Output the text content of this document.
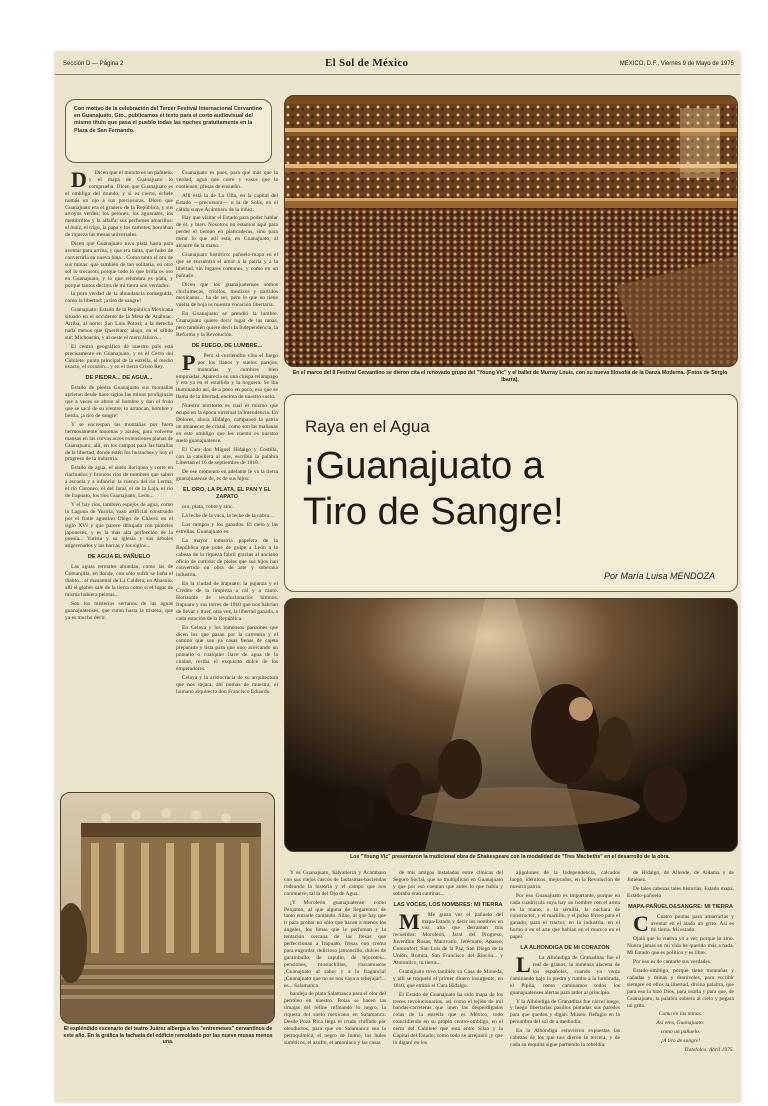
Sección D — Página 2	El Sol de México	MEXICO, D.F., Viernes 9 de Mayo de 1975

Con motivo de la celebración del Tercer Festival Internacional Cervantino en Guanajuato, Gto., publicamos el texto para el corto audiovisual del mismo título que pasa el pueblo todas las noches gratuitamente en la Plaza de San Fernando.

En el marco del II Festival Cervantino se dieron cita el renovado grupo del "Young Vic" y el ballet de Murray Louis, con su nueva filosofía de la Danza Moderna. (Fotos de Sergio Ibarra).
Raya en el Agua
¡Guanajuato a
Tiro de Sangre!
Por María Luisa MENDOZA
Los "Young Vic" presentaron la tradicional obra de Shakespeare con la modalidad de "Tres Macbeths" en el desarrollo de la obra.
El espléndido escenario del teatro Juárez alberga a los "entremeses" cervantinos de este año. En la gráfica la fachada del edificio remoldado por las nueve musas menos una.

D Dicen que el mundo es un pañuelo, y el mapa de Guanajuato lo comprueba. Dicen que Guanajuato es el ombligo del mundo, y si es cierto, échele nomás un ojo a sus preciosuras. Dicen que Guanajuato era el granero de la República, y sus arroyos verdes: los perones, los aguacates, los membrillos y la alfalfa; sus perfumes amarillos: el maíz, el trigo, la papa y los camotes, honraban de riqueza las mesas universales.

Dicen que Guanajuato tuvo plata hasta para aventar para arriba, y que era tanta, que hubo de convertirla en nueva luna... Como tanto el oro de sus minas: que también de tan solitaria, en otro sol lo trocaron; porque todo lo que brilla es oro en Guanajuato, y lo que relumbra es plata, y porque tantos decires de mi tierra son verdades:

la pura verdad de la abundancia conseguida, como la libertad: ¡a tiro de sangre!

Guanajuato: Estado de la República Mexicana situado en el occidente de la Mesa de Anáhuac. Arriba, al norte: San Luis Potosí; a la derecha nada menos que Querétaro; abajo, en el sálido sur: Michoacán, y al oeste el mero Jalisco...

El centro geográfico de nuestro país está precisamente en Guanajuato, y es el Cerro del Cubilete: punto principal de la estrella, el medio exacto, el corazón... y en el tierra Cristo Rey.

DE PIEDRA... DE AGUA...

Estado de piedra Guanajuato sus montañas aprietan desde hace siglos las minas prodigiosas que a veces se abren al hombre y dan el fruto que se sacó de su vientre; lo arrancan, hombre y bestia, ¡a tiro de sangre!

Y se encrespan las montañas por fuera hermosamente morenas y azules, para volverse mansas en las curvas acres extensiones planas de Guanajuato, allí, en los campos para las batallas de la libertad, donde estén los huizaches y hoy el progreso de la industria.

Estado de agua, el suelo lloriquea y corre en riachuelos y broncos ríos de nombres que saben a escuela y a infancia: la cuenca del río Lerma, el río Coroneo, el del Jaral, el de la Laja, el río de Irapuato, los ríos Guanajuato, León...

Y el hay ríos, también espejos de agua, como la Laguna de Yuriria, vaso artificial construido por el fraile agustino Diego de Chávez en el siglo XVI y que parece dibujada con pinceles japoneses, y es la más alta perfección de la poesía... Yuriria y su iglesia y sus árboles atigerenados y las barcas y los siglos...

DE AGUA EL PAÑUELO

Las aguas termales abundan, como las de Comanjilla, en donde, con sólo sufrir se baña el diablo... el manantial de La Caldera, en Abasolo, allí el glober sale de la tierra como si el lugar de misma hubiera pelotas...

Son los misterios serranos de las aguas guanajuatenses, que curan hasta la tristeza, que ya es mucho decir.

Guanajuato es pues, para qué más que la verdad, agua que corre y vasos que la contienen, presas de ensueño.

Allí está la de La Olla, en la capital del Estado —precursora— o la de Solís, en el cálido suave Acámbaro de la niñez.

Hay que visitar el Estado para poder hablar de él, y bien. Nosotros no estamos aquí para perder el tiempo en platicaderas, sino para mirar lo que allí está, en Guanajuato, al alcance de la mano.

Guanajuato histórico: pañuelo-mapa en el que se encuentra el amor a la patria y a la libertad, sin lugares comunes, y como en un pañuelo.

Dicen que los guanajuatenses somos chichimecas, criollos, mestizos y partidos mexicanos... ha de ser, pero lo que no tiene vuelta de hoja es nuestra vocación libertaria.

En Guanajuato se prendió la lumbre. Guanajuato quiere decir lugar de las ranas, pero también quiere decir la Independencia, la Reforma y la Revolución.

DE FUEGO, DE LUMBRE...

P Pero si corriendito vino el fuego por los llanos y suelos parejos, montañas y cumbres bien empinadas. Aparecía en una chispa relámpago y era ya en el estallido y la hoguera. Se iba iluminando así, de a poco en poco, eso que se llama de la libertad, encima de nuestro suelo.

Nuestro territorio es cual el mismo que ocupó en la época virreinal la Intendencia. En Dolores, ahora Hidalgo, campaneó la patria un amanecer de cristal, como son las mañanas en este ombligo que les cuento es nuestro suelo guanajuatense.

El Cura don Miguel Hidalgo y Costilla, con la cabellera al aire, escribió la palabra Libertad el 16 de septiembre de 1810.

De ese momento en adelante le va la tierra guanajuatense de, es de sus hijos:

EL ORO, LA PLATA, EL PAN Y EL ZAPATO

oro, plata, cobre y zinc.

La leche de la vaca, la leche de la cabra...

Los campos y los ganados. El cielo y las estrellas. Guanajuato es:

La mayor industria papelera de la República que pone de golpe a León a la cabeza de la riqueza fabril gracias al anciano oficio de curtidor de pieles que sus hijos han convertido en obra de arte y soberana industria.

En la ciudad de Irapuato: la pujanza y el Crédito de la limpieza a cal y a canto. Horizonte de revolucionarios himnos. Irapuato y sus torres de 1910 que nos habrían de llevar y traer, otra vez, la libertad ganada, a cada estación de la República.

En Celaya y los inmensos panzones que dicen los que pasan por la carretera y el camino que son ya casas llenas de cajeta preparada y lista para que uno, acercando un ponuelo o cualquier llave de agua de la ciudad, reciba el exquisito dulce de los emperadores.

Celaya y la aristocracia de su arquitectura que nos dejara, ahí nomás de muestra, el humano arquitecto don Francisco Eduardo

Y es Guanajuato, Salvatierra y Acámbaro con sus viejos cascos de fantasmas-haciendas rodeando la historia y el campo que nos conmueve, tal la del Ojo de Agua.

¡Y Moroleón guanajuatense: como Pénjamo, al que alguna de llegaremos de tanto entrarle cantando. Silao, al que hay que ir para probar no sólo que hacen a menos los ángeles, los limas que le perfuman y la tentación cercana de las fresas que perfeccionan a Irapuato, fresas con crema para engordar, delicioso jamoncillo, dulces de garambullo, de capulín, de tejocotes... pensiones, mostachillas, charamuscas ¡Guanajuato al sabor y a la fragancia! ¡Guanajuato que no se nos vaya a rebejujar!... es... Salamanca.

bandeja de plata Salamanca para el olor del petróleo en nuestro. Bolas se hacen las timajas del refine refinando lo negro, la riqueza del suelo mexicano en Salamanca. Desde Poza Rica llega el crudo chiflado por oleoductos, para que en Salamanca sea la petroquímica, el negro de humo, los hules sintéticos, el azufre, el amoníaco y las casas

de mis amigos instaladas entre clínicas del Seguro Social, que se multiplican en Guanajuato y que por eso cuentan que antes lo que había y sobraba eran cantinas...

LAS VOCES, LOS NOMBRES: MI TIERRA

M Me gusta ver el pañuelo del mapa-Estado y decir los nombres en voz alta que derraman mis recuerdos: Moroleón, Jaral del Progreso, Juventino Rosas, Maravatío, Jerécuaro, Apaseo, Comonfort, San Luis de la Paz, San Diego de la Unión, Romita, San Francisco del Rincón... y Atotonilco, tu tierra...

Guanajuato tuvo también su Casa de Moneda, y allí se troqueló el primer dinero insurgente, en 1810, que emitió el Cura Hidalgo.

El Estado de Guanajuato ha sido mapa de los treces revolucionarios, así como el tejido de mil bandas-carreteras que unen las desperdigadas colas de la estrella que es México, todo coincidiendo en su propio centro-ombligo, en el cerro del Cubilete que está entre Silao y la Capital del Estado; como todo se arrejuntó ¡y que lo digan! en los

ajigolones de la Independencia, calcados luego, idénticos, mejorados, en la Revolución de nuestra patria.

Por eso Guanajuato es importante, porque en cada cuadrícula suya hay un hombre con el arma en la mano, o la semilla, la cuchara de constructor, y el martillo, y el pulso férreo para el ganado, para el tractor, en la industria, en el horno o en el arte que hablan en el muro o en el papel.

LA ALHONDIGA DE MI CORAZON

L La Alhóndiga de Granaditas fue el real de granos, la inmensa alacena de los españoles, cuando ya venía caminando bajo la piedra y rumbo a la lumbrada, el Pípila, como caminamos todos los guanajuatenses alertas para arder al principio.

Y la Alhóndiga de Granaditas fue cárcel luego, y luego libertarias pasillos pintadas sus paredes para que queden y digan: Museo. Refugio en la penumbra del sol de a mediodía.

En la Alhóndiga estuvieron expuestas las cabezas de los que nos dieron la tercera, y de cada su esquina sigue partiendo la rebeldía:

de Hidalgo, de Allende, de Aldama y de Jiménez.

De tales cabezas tales historias. Estado mapa. Estado-pañuelo

MAPA-PAÑUELO&SANGRE: MI TIERRA

C Cuatro puntas para amarrarlas y aventar en el atado un grito. Así es mi tierra. Mi estado.

Ojalá que lo vuelva yo a ver, porque lo amo. Nunca jamás en mi vida he querido más a nada. Mi Estado que es político y es libre.

Por eso es de cantarle sus verdades.

Estado-ombligo, porque tiene montañas y cañadas y minas y desniveles, para escribir siempre en ellos la libertad, divina palabra, que para eso la hizo Dios, para usarla y para que, de Guanajuato, la palabra subiera al cielo y pegara un grito.

Como en las minas.

Así eres, Guanajuato:

como un pañuelo.

¡A tiro de sangre!

Tlatelolco. Abril 1975.
